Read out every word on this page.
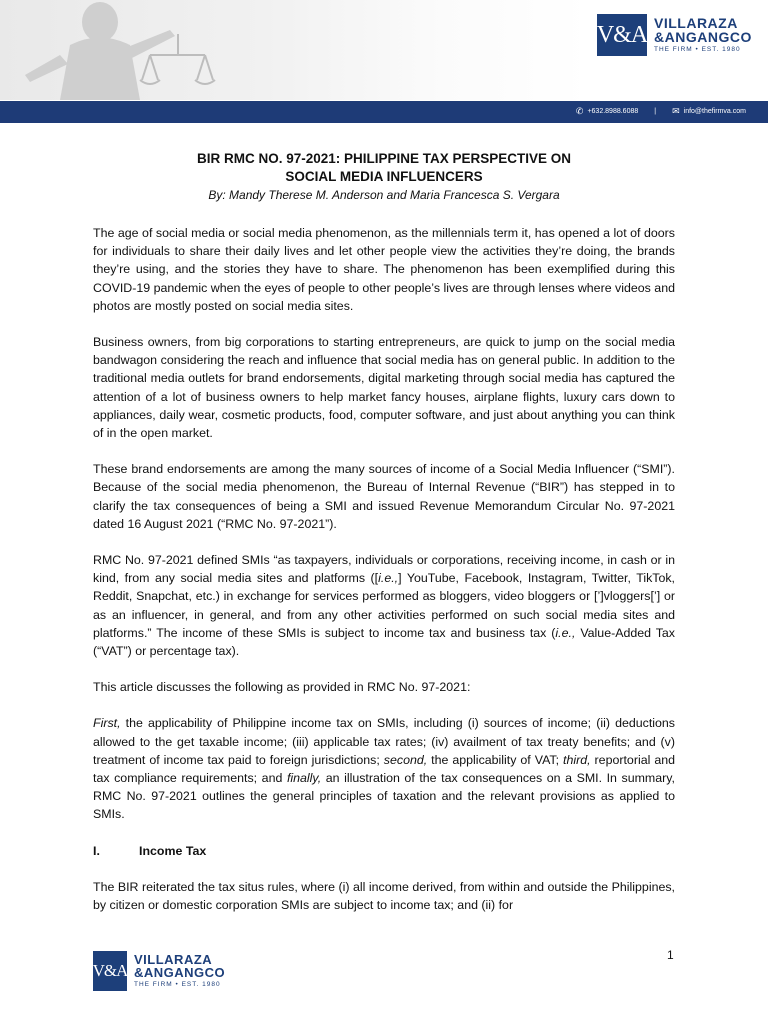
V&A VILLARAZA
&ANGANGCO
THE FIRM • EST. 1980
✆ +632.8988.6088 | ✉ info@thefirmva.com
BIR RMC NO. 97-2021: PHILIPPINE TAX PERSPECTIVE ON
SOCIAL MEDIA INFLUENCERS
By: Mandy Therese M. Anderson and Maria Francesca S. Vergara

The age of social media or social media phenomenon, as the millennials term it, has opened a lot of doors for individuals to share their daily lives and let other people view the activities they’re doing, the brands they’re using, and the stories they have to share. The phenomenon has been exemplified during this COVID-19 pandemic when the eyes of people to other people’s lives are through lenses where videos and photos are mostly posted on social media sites.

Business owners, from big corporations to starting entrepreneurs, are quick to jump on the social media bandwagon considering the reach and influence that social media has on general public. In addition to the traditional media outlets for brand endorsements, digital marketing through social media has captured the attention of a lot of business owners to help market fancy houses, airplane flights, luxury cars down to appliances, daily wear, cosmetic products, food, computer software, and just about anything you can think of in the open market.

These brand endorsements are among the many sources of income of a Social Media Influencer (“SMI”). Because of the social media phenomenon, the Bureau of Internal Revenue (“BIR”) has stepped in to clarify the tax consequences of being a SMI and issued Revenue Memorandum Circular No. 97-2021 dated 16 August 2021 (“RMC No. 97-2021”).

RMC No. 97-2021 defined SMIs “as taxpayers, individuals or corporations, receiving income, in cash or in kind, from any social media sites and platforms ([i.e.,] YouTube, Facebook, Instagram, Twitter, TikTok, Reddit, Snapchat, etc.) in exchange for services performed as bloggers, video bloggers or [’]vloggers[’] or as an influencer, in general, and from any other activities performed on such social media sites and platforms.” The income of these SMIs is subject to income tax and business tax (i.e., Value-Added Tax (“VAT”) or percentage tax).

This article discusses the following as provided in RMC No. 97-2021:

First, the applicability of Philippine income tax on SMIs, including (i) sources of income; (ii) deductions allowed to the get taxable income; (iii) applicable tax rates; (iv) availment of tax treaty benefits; and (v) treatment of income tax paid to foreign jurisdictions; second, the applicability of VAT; third, reportorial and tax compliance requirements; and finally, an illustration of the tax consequences on a SMI. In summary, RMC No. 97-2021 outlines the general principles of taxation and the relevant provisions as applied to SMIs.

I.	Income Tax

The BIR reiterated the tax situs rules, where (i) all income derived, from within and outside the Philippines, by citizen or domestic corporation SMIs are subject to income tax; and (ii) for

V&A
VILLARAZA
&ANGANGCO
THE FIRM • EST. 1980
1
